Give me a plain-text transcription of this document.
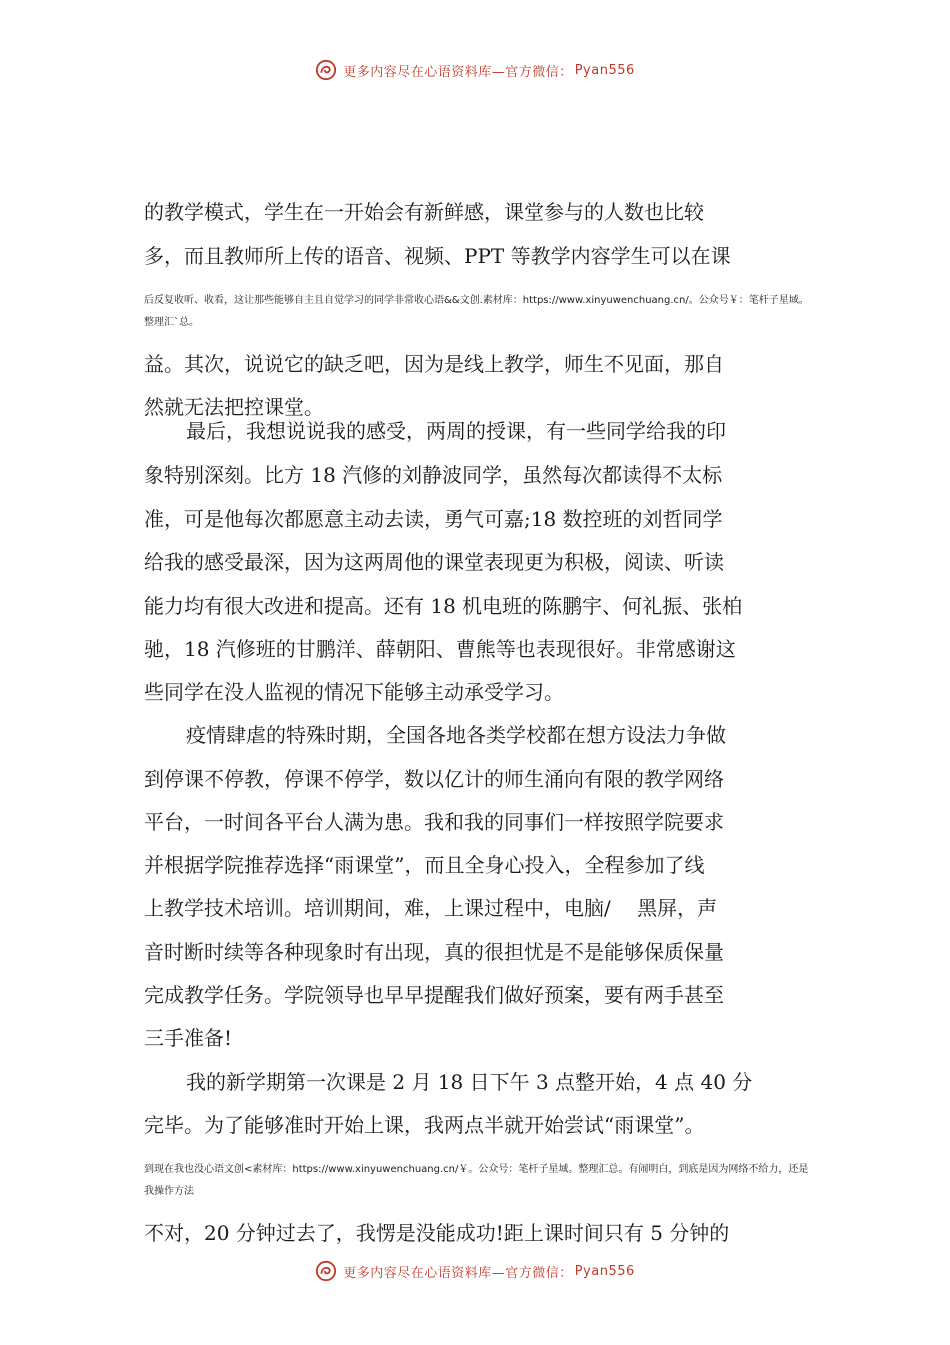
更多内容尽在心语资料库—官方微信： Pyan556
的教学模式，学生在一开始会有新鲜感，课堂参与的人数也比较
多，而且教师所上传的语音、视频、PPT 等教学内容学生可以在课
后反复收听、收看，这让那些能够自主且自觉学习的同学非常收心语&&文创.素材库：https://www.xinyuwenchuang.cn/。公众号￥：笔杆子星域。
整理汇`总。
益。其次，说说它的缺乏吧，因为是线上教学，师生不见面，那自
然就无法把控课堂。
最后，我想说说我的感受，两周的授课，有一些同学给我的印
象特别深刻。比方 18 汽修的刘静波同学，虽然每次都读得不太标
准，可是他每次都愿意主动去读，勇气可嘉;18 数控班的刘哲同学
给我的感受最深，因为这两周他的课堂表现更为积极，阅读、听读
能力均有很大改进和提高。还有 18 机电班的陈鹏宇、何礼振、张柏
驰，18 汽修班的甘鹏洋、薛朝阳、曹熊等也表现很好。非常感谢这
些同学在没人监视的情况下能够主动承受学习。
疫情肆虐的特殊时期，全国各地各类学校都在想方设法力争做
到停课不停教，停课不停学，数以亿计的师生涌向有限的教学网络
平台，一时间各平台人满为患。我和我的同事们一样按照学院要求
并根据学院推荐选择“雨课堂”，而且全身心投入，全程参加了线
上教学技术培训。培训期间，难，上课过程中，电脑/　 黑屏，声
音时断时续等各种现象时有出现，真的很担忧是不是能够保质保量
完成教学任务。学院领导也早早提醒我们做好预案，要有两手甚至
三手准备!
我的新学期第一次课是 2 月 18 日下午 3 点整开始，4 点 40 分
完毕。为了能够准时开始上课，我两点半就开始尝试“雨课堂”。
到现在我也没心语文创<素材库：https://www.xinyuwenchuang.cn/￥。公众号：笔杆子星域。整理汇总。有闹明白，到底是因为网络不给力，还是
我操作方法
不对，20 分钟过去了，我愣是没能成功!距上课时间只有 5 分钟的
更多内容尽在心语资料库—官方微信： Pyan556
